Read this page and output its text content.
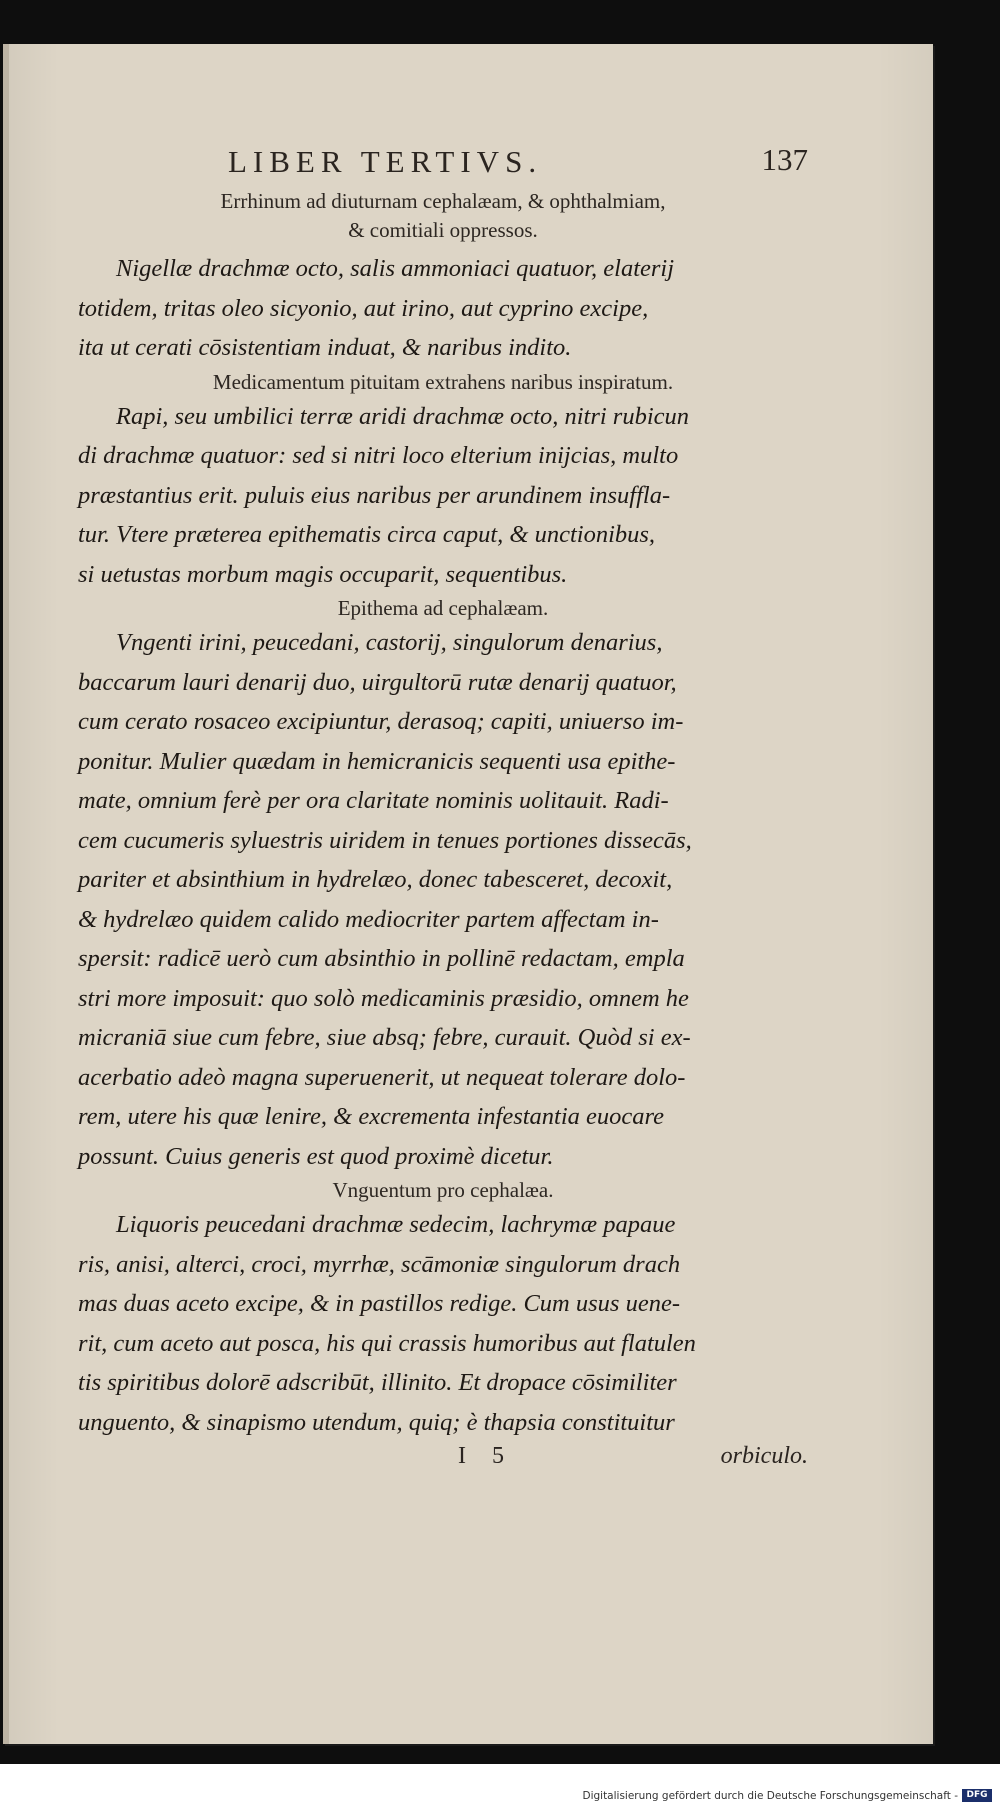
LIBER TERTIVS.	137
Errhinum ad diuturnam cephalæam, & ophthalmiam,
& comitiali oppressos.
Nigellæ drachmæ octo, salis ammoniaci quatuor, elaterij
totidem, tritas oleo sicyonio, aut irino, aut cyprino excipe,
ita ut cerati cōsistentiam induat, & naribus indito.
Medicamentum pituitam extrahens naribus inspiratum.
Rapi, seu umbilici terræ aridi drachmæ octo, nitri rubicun
di drachmæ quatuor: sed si nitri loco elterium inijcias, multo
præstantius erit. puluis eius naribus per arundinem insuffla-
tur. Vtere præterea epithematis circa caput, & unctionibus,
si uetustas morbum magis occuparit, sequentibus.
Epithema ad cephalæam.
Vngenti irini, peucedani, castorij, singulorum denarius,
baccarum lauri denarij duo, uirgultorū rutæ denarij quatuor,
cum cerato rosaceo excipiuntur, derasoq; capiti, uniuerso im-
ponitur. Mulier quædam in hemicranicis sequenti usa epithe-
mate, omnium ferè per ora claritate nominis uolitauit. Radi-
cem cucumeris syluestris uiridem in tenues portiones dissecās,
pariter et absinthium in hydrelæo, donec tabesceret, decoxit,
& hydrelæo quidem calido mediocriter partem affectam in-
spersit: radicē uerò cum absinthio in pollinē redactam, empla
stri more imposuit: quo solò medicaminis præsidio, omnem he
micraniā siue cum febre, siue absq; febre, curauit. Quòd si ex-
acerbatio adeò magna superuenerit, ut nequeat tolerare dolo-
rem, utere his quæ lenire, & excrementa infestantia euocare
possunt. Cuius generis est quod proximè dicetur.
Vnguentum pro cephalæa.
Liquoris peucedani drachmæ sedecim, lachrymæ papaue
ris, anisi, alterci, croci, myrrhæ, scāmoniæ singulorum drach
mas duas aceto excipe, & in pastillos redige. Cum usus uene-
rit, cum aceto aut posca, his qui crassis humoribus aut flatulen
tis spiritibus dolorē adscribūt, illinito. Et dropace cōsimiliter
unguento, & sinapismo utendum, quiq; è thapsia constituitur
I 5	orbiculo.
Digitalisierung gefördert durch die Deutsche Forschungsgemeinschaft - DFG
